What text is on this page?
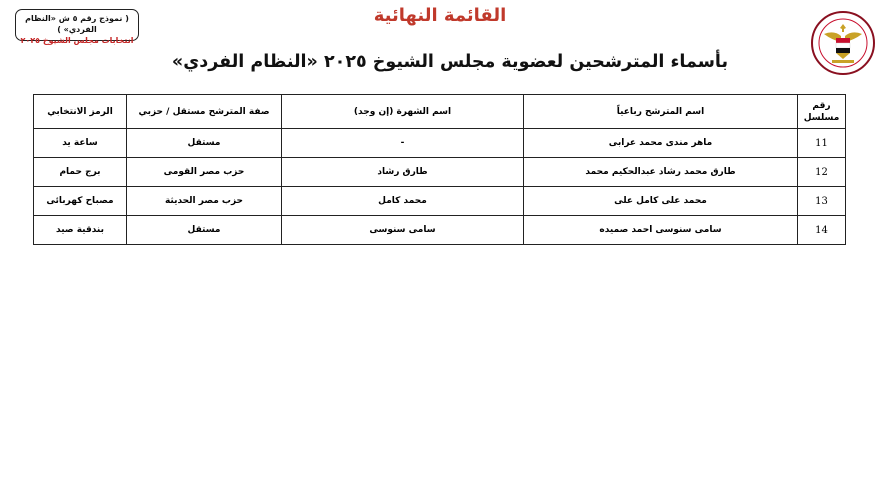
( نموذج رقم ٥ ش «النظام الفردي» )
انتخابات مجلس الشيوخ ٢٠٢٥
القائمة النهائية
بأسماء المترشحين لعضوية مجلس الشيوخ ٢٠٢٥ «النظام الفردي»
رقم مسلسل	اسم المترشح رباعياً	اسم الشهرة (إن وجد)	صفة المترشح مستقل / حزبي	الرمز الانتخابي
11	ماهر مندى محمد عرابى	-	مستقل	ساعة يد
12	طارق محمد رشاد عبدالحكيم محمد	طارق رشاد	حزب مصر القومى	برج حمام
13	محمد على كامل على	محمد كامل	حزب مصر الحديثة	مصباح كهربائى
14	سامى سنوسى احمد صميده	سامى سنوسى	مستقل	بندقية صيد
